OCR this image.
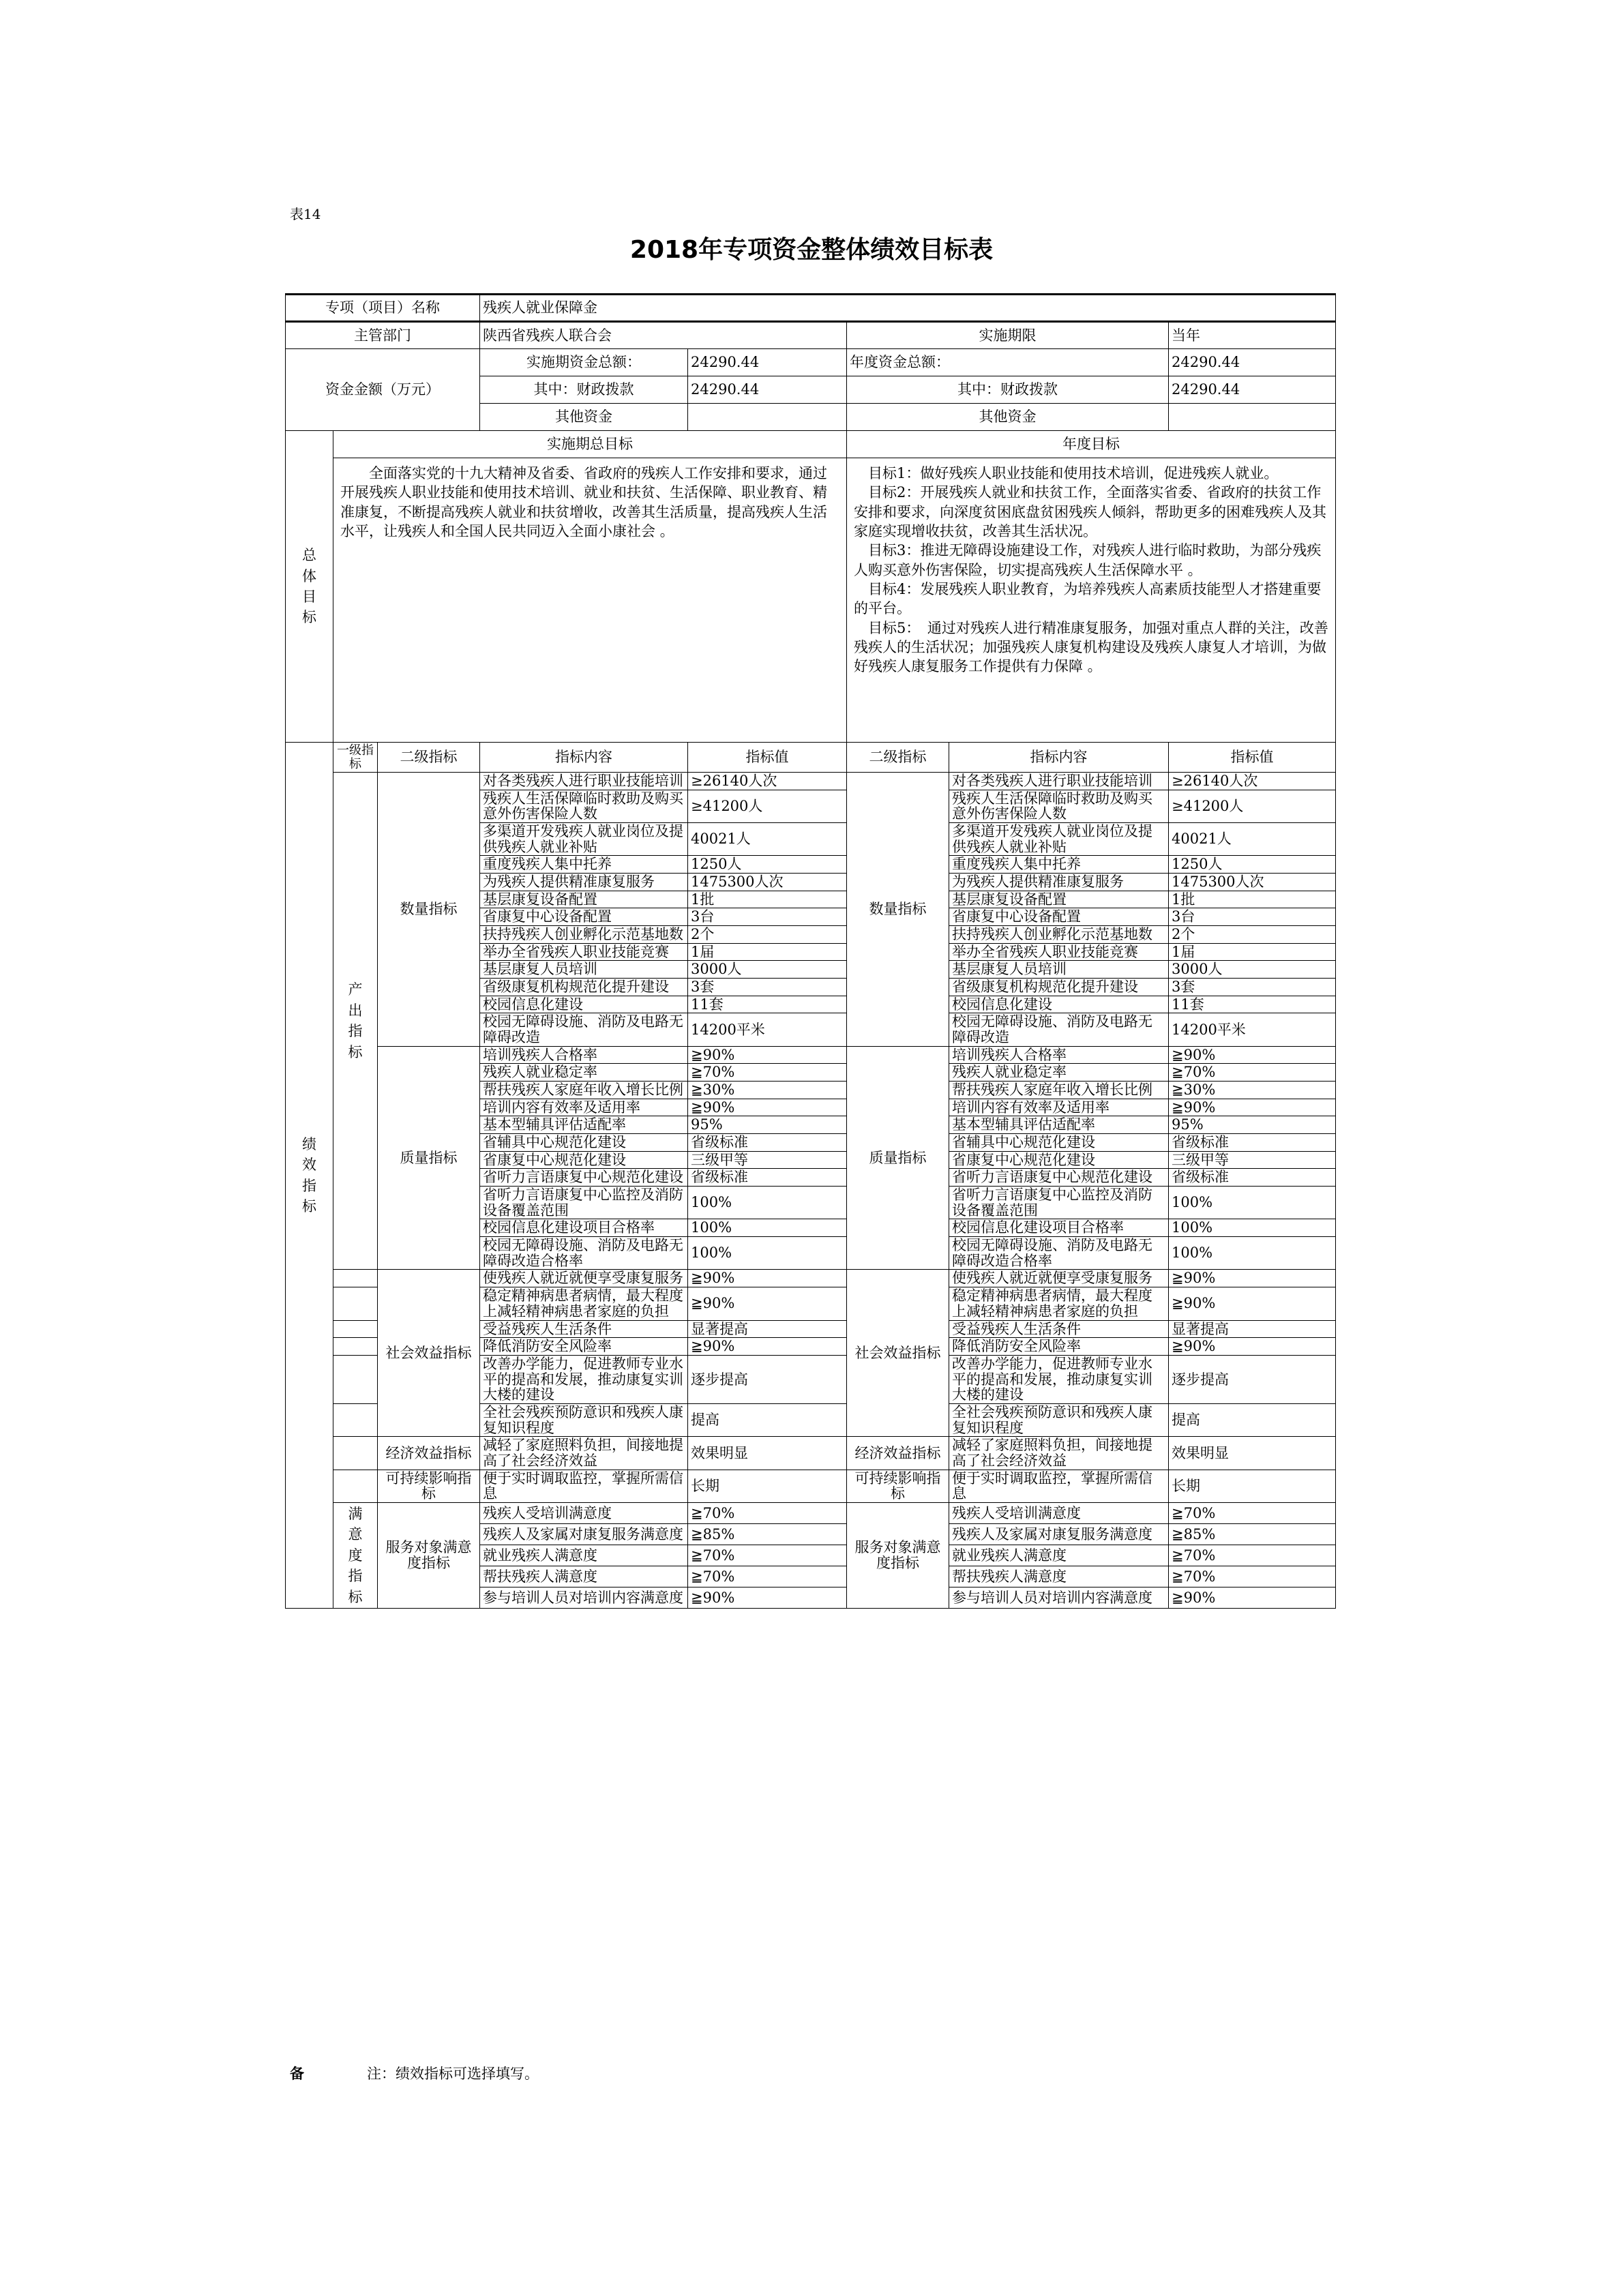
表14
2018年专项资金整体绩效目标表
专项（项目）名称			残疾人就业保障金				
主管部门			陕西省残疾人联合会		实施期限		当年
资金金额（万元）			实施期资金总额：	24290.44	年度资金总额：		24290.44
			其中：财政拨款	24290.44	其中：财政拨款		24290.44
			其他资金		其他资金		
总体目标	实施期总目标				年度目标		

	全面落实党的十九大精神及省委、省政府的残疾人工作安排和要求，通过开展残疾人职业技能和使用技术培训、就业和扶贫、生活保障、职业教育、精准康复，不断提高残疾人就业和扶贫增收，改善其生活质量，提高残疾人生活水平，让残疾人和全国人民共同迈入全面小康社会 。				目标1：做好残疾人职业技能和使用技术培训，促进残疾人就业。
目标2：开展残疾人就业和扶贫工作，全面落实省委、省政府的扶贫工作安排和要求，向深度贫困底盘贫困残疾人倾斜，帮助更多的困难残疾人及其家庭实现增收扶贫，改善其生活状况。
目标3：推进无障碍设施建设工作，对残疾人进行临时救助，为部分残疾人购买意外伤害保险，切实提高残疾人生活保障水平 。
目标4：发展残疾人职业教育，为培养残疾人高素质技能型人才搭建重要的平台。
目标5：　通过对残疾人进行精准康复服务，加强对重点人群的关注，改善残疾人的生活状况；加强残疾人康复机构建设及残疾人康复人才培训，为做好残疾人康复服务工作提供有力保障 。		

绩效指标	一级指标	二级指标	指标内容	指标值	二级指标	指标内容	指标值
	产出指标	数量指标	对各类残疾人进行职业技能培训	≥26140人次	数量指标	对各类残疾人进行职业技能培训	≥26140人次
			残疾人生活保障临时救助及购买意外伤害保险人数	≥41200人		残疾人生活保障临时救助及购买意外伤害保险人数	≥41200人
			多渠道开发残疾人就业岗位及提供残疾人就业补贴	40021人		多渠道开发残疾人就业岗位及提供残疾人就业补贴	40021人
			重度残疾人集中托养	1250人		重度残疾人集中托养	1250人
			为残疾人提供精准康复服务	1475300人次		为残疾人提供精准康复服务	1475300人次
			基层康复设备配置	1批		基层康复设备配置	1批
			省康复中心设备配置	3台		省康复中心设备配置	3台
			扶持残疾人创业孵化示范基地数	2个		扶持残疾人创业孵化示范基地数	2个
			举办全省残疾人职业技能竞赛	1届		举办全省残疾人职业技能竞赛	1届
			基层康复人员培训	3000人		基层康复人员培训	3000人
			省级康复机构规范化提升建设	3套		省级康复机构规范化提升建设	3套
			校园信息化建设	11套		校园信息化建设	11套
			校园无障碍设施、消防及电路无障碍改造	14200平米		校园无障碍设施、消防及电路无障碍改造	14200平米
		质量指标	培训残疾人合格率	≧90%	质量指标	培训残疾人合格率	≧90%
			残疾人就业稳定率	≧70%		残疾人就业稳定率	≧70%
			帮扶残疾人家庭年收入增长比例	≧30%		帮扶残疾人家庭年收入增长比例	≧30%
			培训内容有效率及适用率	≧90%		培训内容有效率及适用率	≧90%
			基本型辅具评估适配率	95%		基本型辅具评估适配率	95%
			省辅具中心规范化建设	省级标准		省辅具中心规范化建设	省级标准
			省康复中心规范化建设	三级甲等		省康复中心规范化建设	三级甲等
			省听力言语康复中心规范化建设	省级标准		省听力言语康复中心规范化建设	省级标准
			省听力言语康复中心监控及消防设备覆盖范围	100%		省听力言语康复中心监控及消防设备覆盖范围	100%
			校园信息化建设项目合格率	100%		校园信息化建设项目合格率	100%
			校园无障碍设施、消防及电路无障碍改造合格率	100%		校园无障碍设施、消防及电路无障碍改造合格率	100%
		社会效益指标	使残疾人就近就便享受康复服务	≧90%	社会效益指标	使残疾人就近就便享受康复服务	≧90%
			稳定精神病患者病情，最大程度上减轻精神病患者家庭的负担	≧90%		稳定精神病患者病情，最大程度上减轻精神病患者家庭的负担	≧90%
			受益残疾人生活条件	显著提高		受益残疾人生活条件	显著提高
			降低消防安全风险率	≧90%		降低消防安全风险率	≧90%
			改善办学能力，促进教师专业水平的提高和发展，推动康复实训大楼的建设	逐步提高		改善办学能力，促进教师专业水平的提高和发展，推动康复实训大楼的建设	逐步提高
			全社会残疾预防意识和残疾人康复知识程度	提高		全社会残疾预防意识和残疾人康复知识程度	提高
		经济效益指标	减轻了家庭照料负担，间接地提高了社会经济效益	效果明显	经济效益指标	减轻了家庭照料负担，间接地提高了社会经济效益	效果明显
		可持续影响指标	便于实时调取监控，掌握所需信息	长期	可持续影响指标	便于实时调取监控，掌握所需信息	长期
	满意度指标	服务对象满意度指标	残疾人受培训满意度	≧70%	服务对象满意度指标	残疾人受培训满意度	≧70%
			残疾人及家属对康复服务满意度	≧85%		残疾人及家属对康复服务满意度	≧85%
			就业残疾人满意度	≧70%		就业残疾人满意度	≧70%
			帮扶残疾人满意度	≧70%		帮扶残疾人满意度	≧70%
			参与培训人员对培训内容满意度	≧90%		参与培训人员对培训内容满意度	≧90%
备	注：绩效指标可选择填写。
